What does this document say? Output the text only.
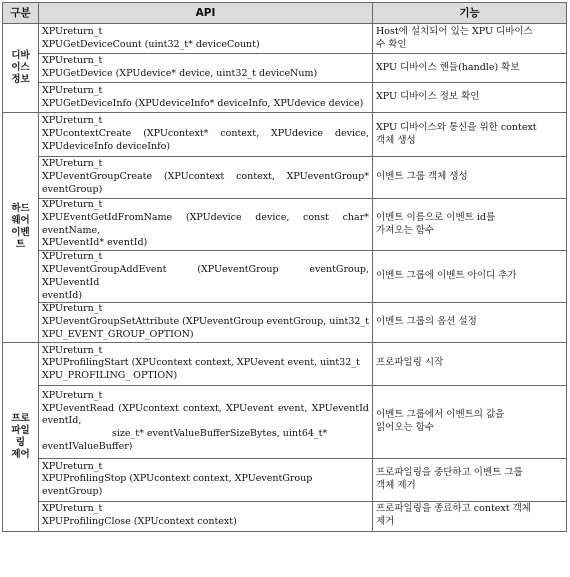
구분	API	기능

디바
이스
정보	XPUreturn_t
XPUGetDeviceCount (uint32_t* deviceCount)	Host에 설치되어 있는 XPU 디바이스
수 확인

	XPUreturn_t
XPUGetDevice (XPUdevice* device, uint32_t deviceNum)	XPU 디바이스 핸들(handle) 확보

	XPUreturn_t
XPUGetDeviceInfo (XPUdeviceInfo* deviceInfo, XPUdevice device)	XPU 디바이스 정보 확인

하드
웨어
이벤
트	XPUreturn_t
XPUcontextCreate (XPUcontext* context, XPUdevice device,
XPUdeviceInfo deviceInfo)	XPU 디바이스와 통신을 위한 context
객체 생성

	XPUreturn_t
XPUeventGroupCreate (XPUcontext context, XPUeventGroup*
eventGroup)	이벤트 그룹 객체 생성

	XPUreturn_t
XPUEventGetIdFromName (XPUdevice device, const char* eventName,
XPUeventId* eventId)	이벤트 이름으로 이벤트 id를
가져오는 함수

	XPUreturn_t
XPUeventGroupAddEvent (XPUeventGroup eventGroup, XPUeventId
eventId)	이벤트 그룹에 이벤트 아이디 추가

	XPUreturn_t
XPUeventGroupSetAttribute (XPUeventGroup eventGroup, uint32_t
XPU_EVENT_GROUP_OPTION)	이벤트 그룹의 옵션 설정

프로
파일
링
제어	XPUreturn_t
XPUProfilingStart (XPUcontext context, XPUevent event, uint32_t
XPU_PROFILING_ OPTION)	프로파일링 시작

	XPUreturn_t
XPUeventRead (XPUcontext context, XPUevent event, XPUeventId
eventId,
size_t* eventValueBufferSizeBytes, uint64_t*
eventIValueBuffer)	이벤트 그룹에서 이벤트의 값을
읽어오는 함수

	XPUreturn_t
XPUProfilingStop (XPUcontext context, XPUeventGroup eventGroup)	프로파일링을 중단하고 이벤트 그룹
객체 제거

	XPUreturn_t
XPUProfilingClose (XPUcontext context)	프로파일링을 종료하고 context 객체
제거
